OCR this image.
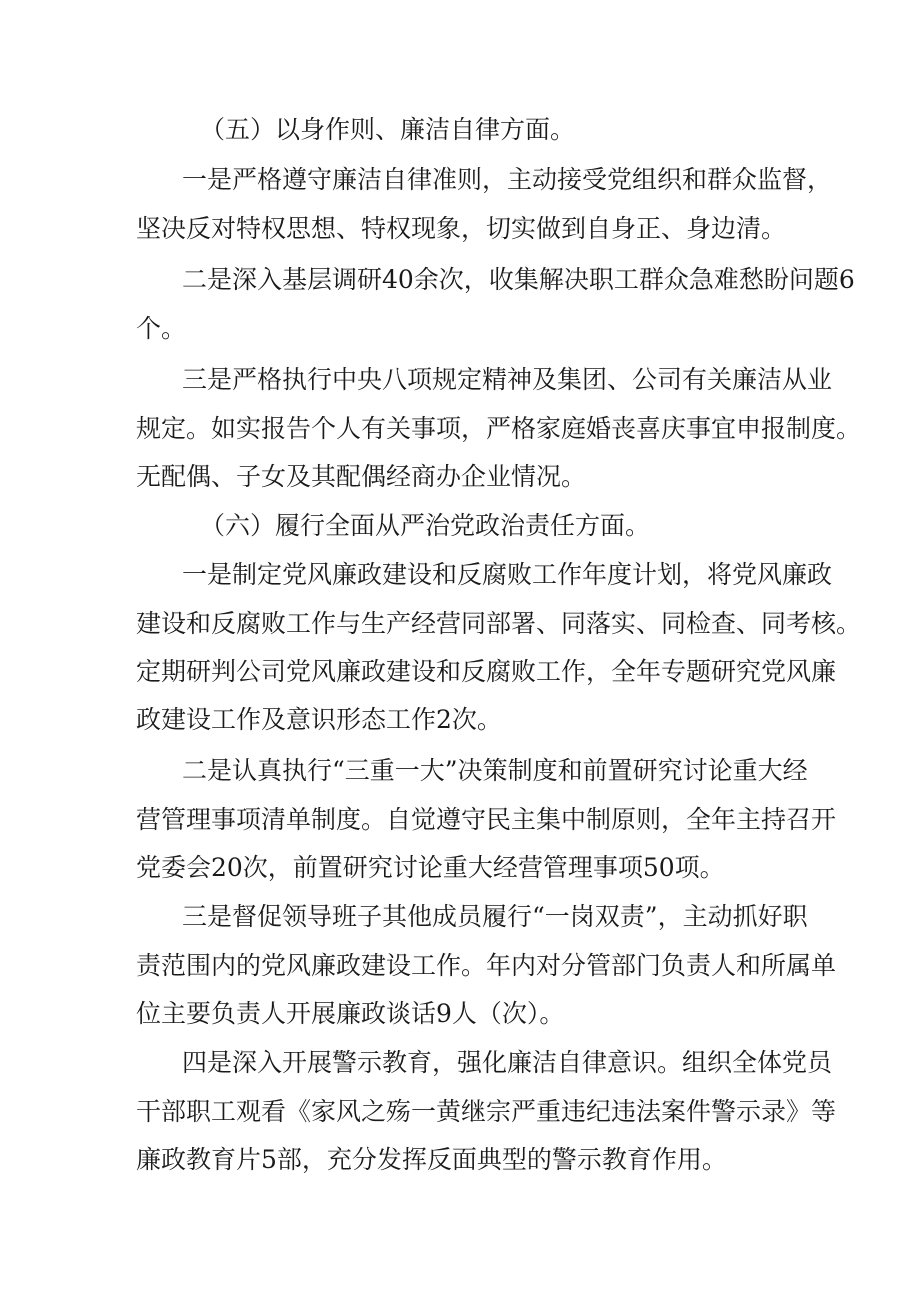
（五）以身作则、廉洁自律方面。

一是严格遵守廉洁自律准则，主动接受党组织和群众监督，

坚决反对特权思想、特权现象，切实做到自身正、身边清。

二是深入基层调研40余次，收集解决职工群众急难愁盼问题6

个。

三是严格执行中央八项规定精神及集团、公司有关廉洁从业

规定。如实报告个人有关事项，严格家庭婚丧喜庆事宜申报制度。

无配偶、子女及其配偶经商办企业情况。

（六）履行全面从严治党政治责任方面。

一是制定党风廉政建设和反腐败工作年度计划，将党风廉政

建设和反腐败工作与生产经营同部署、同落实、同检查、同考核。

定期研判公司党风廉政建设和反腐败工作，全年专题研究党风廉

政建设工作及意识形态工作2次。

二是认真执行“三重一大”决策制度和前置研究讨论重大经

营管理事项清单制度。自觉遵守民主集中制原则，全年主持召开

党委会20次，前置研究讨论重大经营管理事项50项。

三是督促领导班子其他成员履行“一岗双责”，主动抓好职

责范围内的党风廉政建设工作。年内对分管部门负责人和所属单

位主要负责人开展廉政谈话9人（次）。

四是深入开展警示教育，强化廉洁自律意识。组织全体党员

干部职工观看《家风之殇一黄继宗严重违纪违法案件警示录》等

廉政教育片5部，充分发挥反面典型的警示教育作用。
